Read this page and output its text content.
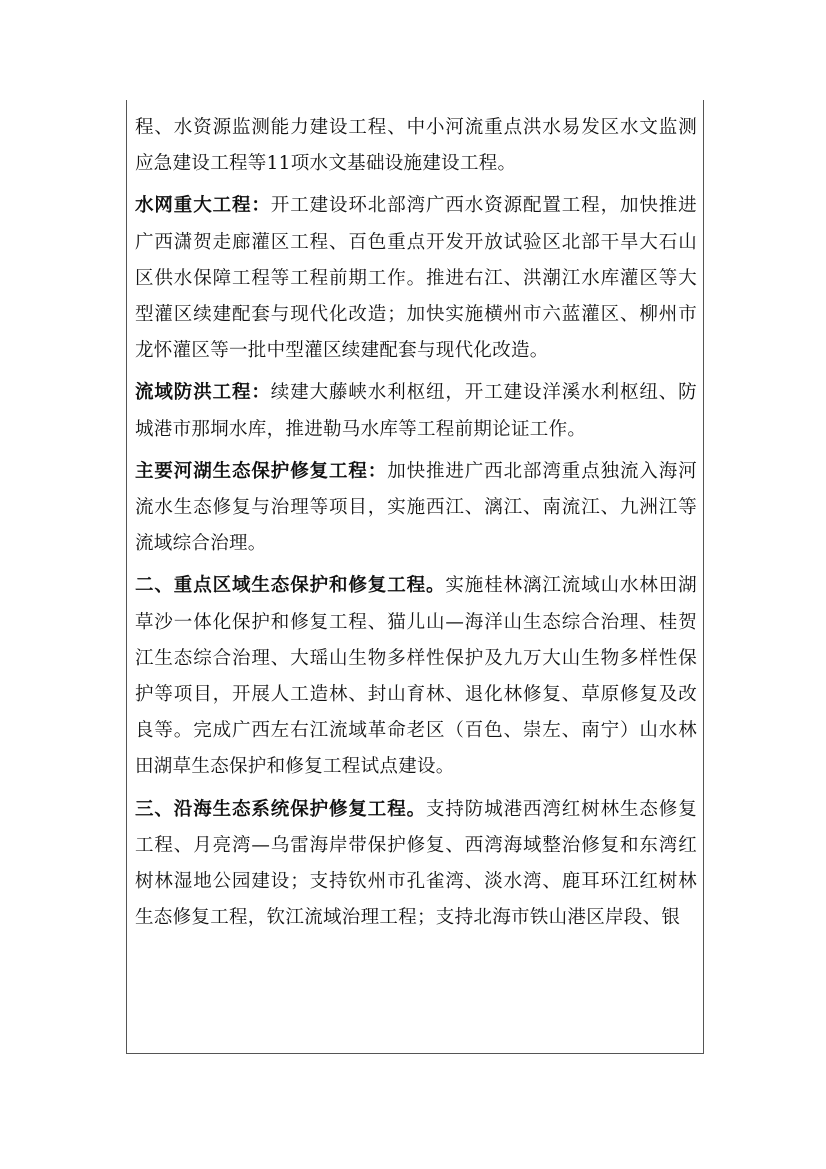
程、水资源监测能力建设工程、中小河流重点洪水易发区水文监测应急建设工程等11项水文基础设施建设工程。

水网重大工程：开工建设环北部湾广西水资源配置工程，加快推进广西潇贺走廊灌区工程、百色重点开发开放试验区北部干旱大石山区供水保障工程等工程前期工作。推进右江、洪潮江水库灌区等大型灌区续建配套与现代化改造；加快实施横州市六蓝灌区、柳州市龙怀灌区等一批中型灌区续建配套与现代化改造。

流域防洪工程：续建大藤峡水利枢纽，开工建设洋溪水利枢纽、防城港市那垌水库，推进勒马水库等工程前期论证工作。

主要河湖生态保护修复工程：加快推进广西北部湾重点独流入海河流水生态修复与治理等项目，实施西江、漓江、南流江、九洲江等流域综合治理。

二、重点区域生态保护和修复工程。实施桂林漓江流域山水林田湖草沙一体化保护和修复工程、猫儿山—海洋山生态综合治理、桂贺江生态综合治理、大瑶山生物多样性保护及九万大山生物多样性保护等项目，开展人工造林、封山育林、退化林修复、草原修复及改良等。完成广西左右江流域革命老区（百色、崇左、南宁）山水林田湖草生态保护和修复工程试点建设。

三、沿海生态系统保护修复工程。支持防城港西湾红树林生态修复工程、月亮湾—乌雷海岸带保护修复、西湾海域整治修复和东湾红树林湿地公园建设；支持钦州市孔雀湾、淡水湾、鹿耳环江红树林生态修复工程，钦江流域治理工程；支持北海市铁山港区岸段、银
